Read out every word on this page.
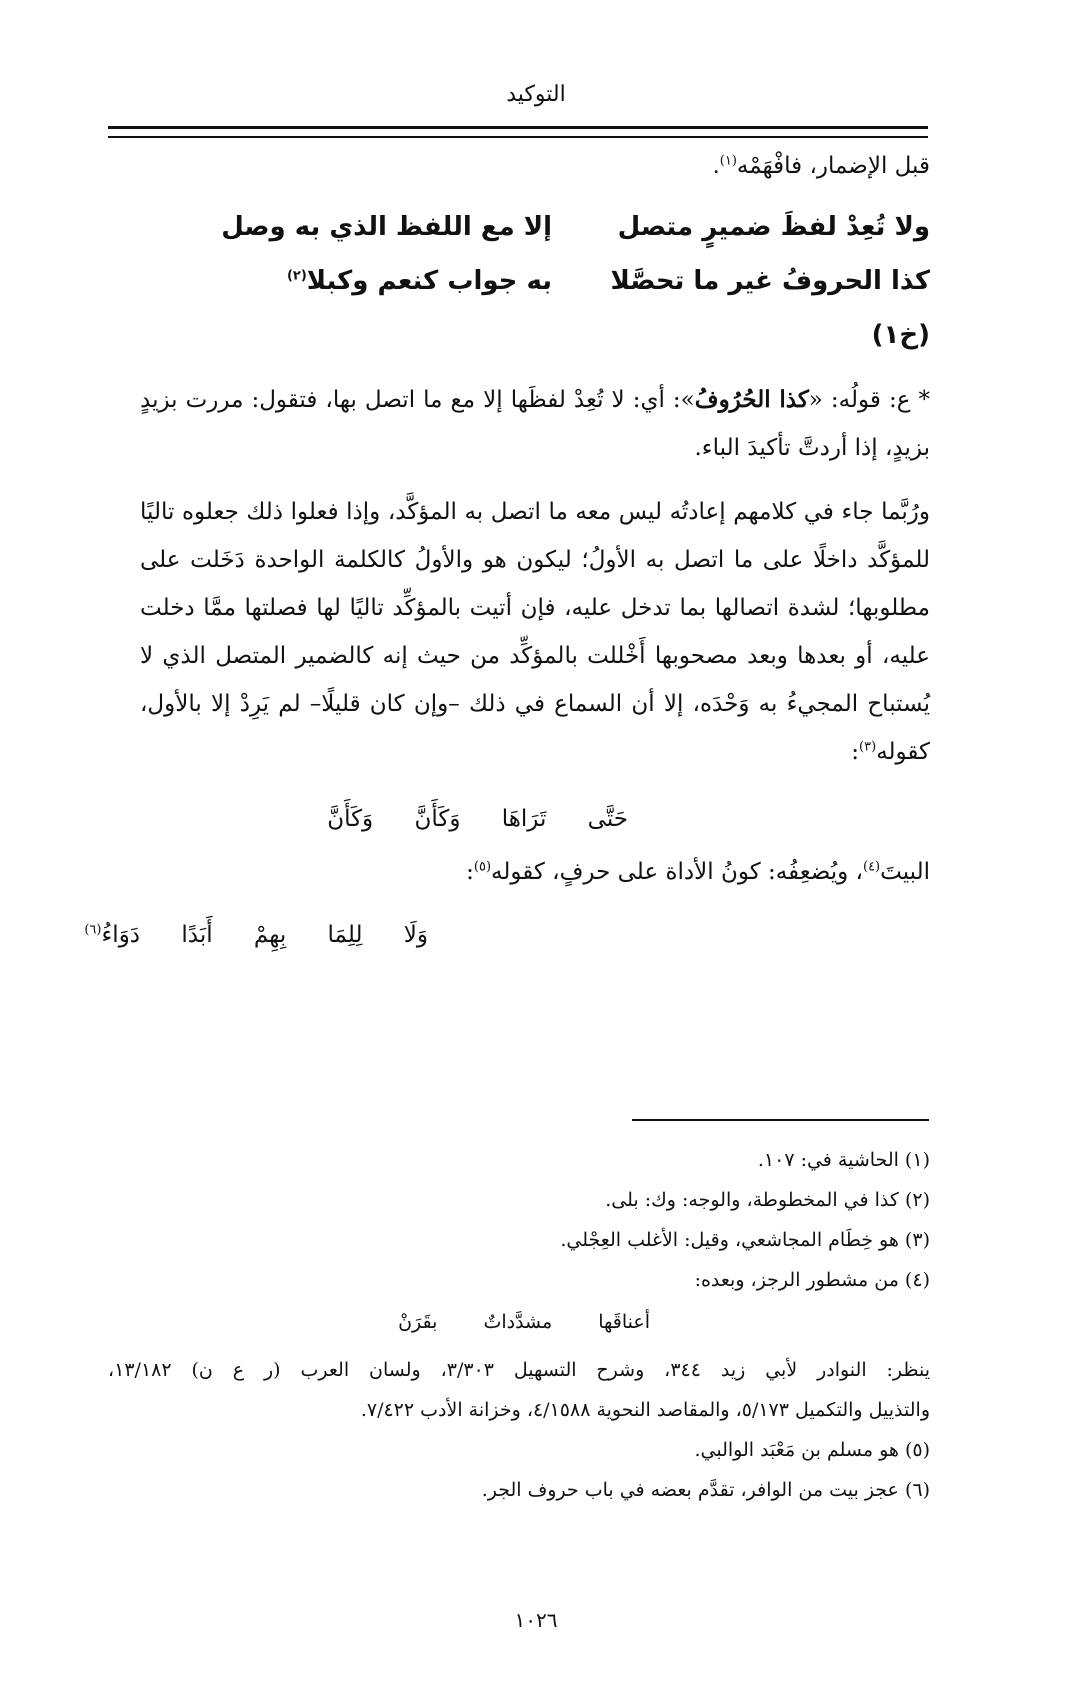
التوكيد
قبل الإضمار، فافْهَمْه$^{(١)}$.
ولا تُعِدْ لفظَ ضميرٍ متصل
إلا مع اللفظ الذي به وصل
كذا الحروفُ غير ما تحصَّلا
به جواب كنعم وكبلا$^{(٢)}$
(خ١)

* ع: قولُه: «كذا الحُرُوفُ»: أي: لا تُعِدْ لفظَها إلا مع ما اتصل بها، فتقول: مررت بزيدٍ بزيدٍ، إذا أردتَّ تأكيدَ الباء.

ورُبَّما جاء في كلامهم إعادتُه ليس معه ما اتصل به المؤكَّد، وإذا فعلوا ذلك جعلوه تاليًا للمؤكَّد داخلًا على ما اتصل به الأولُ؛ ليكون هو والأولُ كالكلمة الواحدة دَخَلت على مطلوبها؛ لشدة اتصالها بما تدخل عليه، فإن أتيت بالمؤكِّد تاليًا لها فصلتها ممَّا دخلت عليه، أو بعدها وبعد مصحوبها أَخْللت بالمؤكِّد من حيث إنه كالضمير المتصل الذي لا يُستباح المجيءُ به وَحْدَه، إلا أن السماع في ذلك –وإن كان قليلًا– لم يَرِدْ إلا بالأول، كقوله$^{(٣)}$:

حَتَّى تَرَاهَا وَكَأَنَّ وَكَأَنَّ
البيتَ$^{(٤)}$، ويُضعِفُه: كونُ الأداة على حرفٍ، كقوله$^{(٥)}$:
وَلَا لِلِمَا بِهِمْ أَبَدًا دَوَاءُ$^{(٦)}$
(١) الحاشية في: ١٠٧.
(٢) كذا في المخطوطة، والوجه: وك: بلى.
(٣) هو خِطَام المجاشعي، وقيل: الأغلب العِجْلي.
(٤) من مشطور الرجز، وبعده:
أعناقَها مشدَّداتٌ بقَرَنْ
ينظر: النوادر لأبي زيد ٣٤٤، وشرح التسهيل ٣/٣٠٣، ولسان العرب (ر ع ن) ١٣/١٨٢،
والتذييل والتكميل ٥/١٧٣، والمقاصد النحوية ٤/١٥٨٨، وخزانة الأدب ٧/٤٢٢.
(٥) هو مسلم بن مَعْبَد الوالبي.
(٦) عجز بيت من الوافر، تقدَّم بعضه في باب حروف الجر.
١٠٢٦
